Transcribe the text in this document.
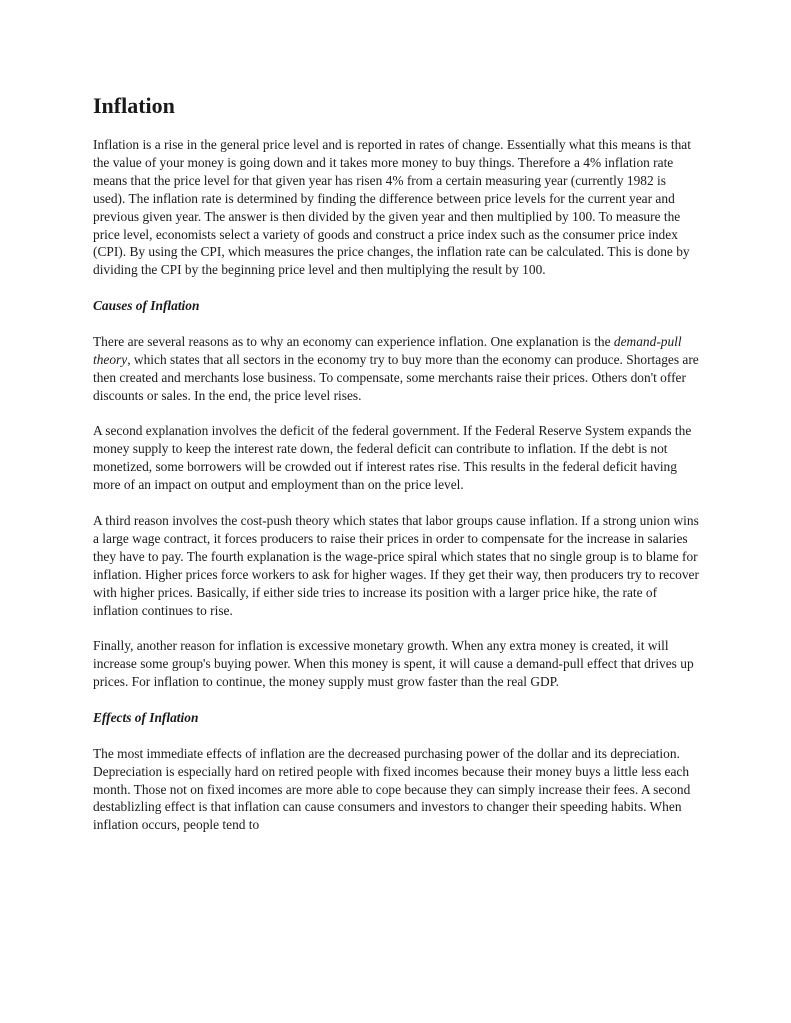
Inflation

Inflation is a rise in the general price level and is reported in rates of change. Essentially what this means is that the value of your money is going down and it takes more money to buy things. Therefore a 4% inflation rate means that the price level for that given year has risen 4% from a certain measuring year (currently 1982 is used). The inflation rate is determined by finding the difference between price levels for the current year and previous given year. The answer is then divided by the given year and then multiplied by 100. To measure the price level, economists select a variety of goods and construct a price index such as the consumer price index (CPI). By using the CPI, which measures the price changes, the inflation rate can be calculated. This is done by dividing the CPI by the beginning price level and then multiplying the result by 100.

Causes of Inflation

There are several reasons as to why an economy can experience inflation. One explanation is the demand-pull theory, which states that all sectors in the economy try to buy more than the economy can produce. Shortages are then created and merchants lose business. To compensate, some merchants raise their prices. Others don't offer discounts or sales. In the end, the price level rises.

A second explanation involves the deficit of the federal government. If the Federal Reserve System expands the money supply to keep the interest rate down, the federal deficit can contribute to inflation. If the debt is not monetized, some borrowers will be crowded out if interest rates rise. This results in the federal deficit having more of an impact on output and employment than on the price level.

A third reason involves the cost-push theory which states that labor groups cause inflation. If a strong union wins a large wage contract, it forces producers to raise their prices in order to compensate for the increase in salaries they have to pay. The fourth explanation is the wage-price spiral which states that no single group is to blame for inflation. Higher prices force workers to ask for higher wages. If they get their way, then producers try to recover with higher prices. Basically, if either side tries to increase its position with a larger price hike, the rate of inflation continues to rise.

Finally, another reason for inflation is excessive monetary growth. When any extra money is created, it will increase some group's buying power. When this money is spent, it will cause a demand-pull effect that drives up prices. For inflation to continue, the money supply must grow faster than the real GDP.

Effects of Inflation

The most immediate effects of inflation are the decreased purchasing power of the dollar and its depreciation. Depreciation is especially hard on retired people with fixed incomes because their money buys a little less each month. Those not on fixed incomes are more able to cope because they can simply increase their fees. A second destablizling effect is that inflation can cause consumers and investors to changer their speeding habits. When inflation occurs, people tend to
